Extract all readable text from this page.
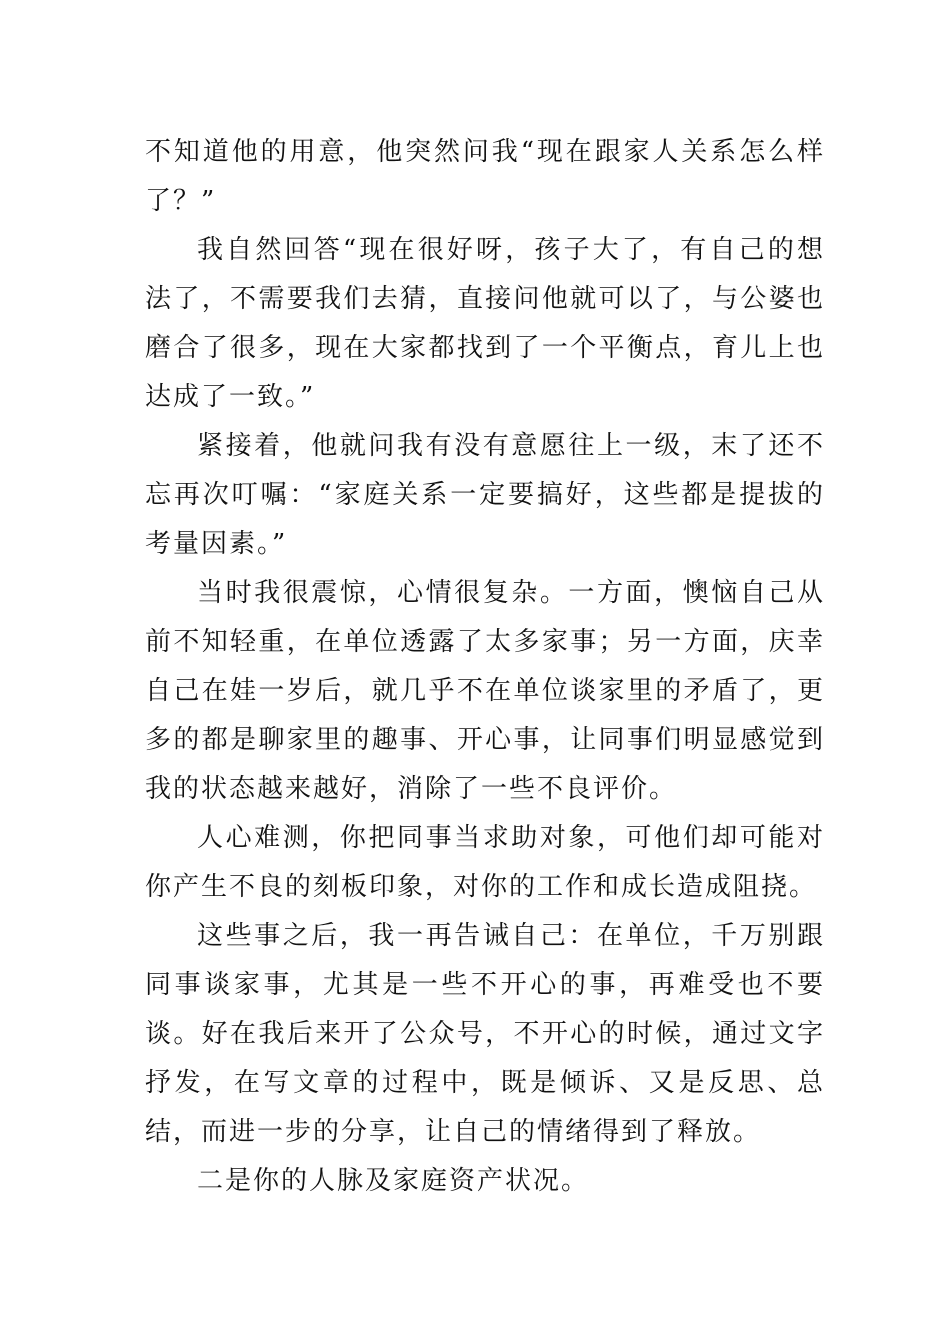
不知道他的用意，他突然问我“现在跟家人关系怎么样了？”

我自然回答“现在很好呀，孩子大了，有自己的想法了，不需要我们去猜，直接问他就可以了，与公婆也磨合了很多，现在大家都找到了一个平衡点，育儿上也达成了一致。”

紧接着，他就问我有没有意愿往上一级，末了还不忘再次叮嘱：“家庭关系一定要搞好，这些都是提拔的考量因素。”

当时我很震惊，心情很复杂。一方面，懊恼自己从前不知轻重，在单位透露了太多家事；另一方面，庆幸自己在娃一岁后，就几乎不在单位谈家里的矛盾了，更多的都是聊家里的趣事、开心事，让同事们明显感觉到我的状态越来越好，消除了一些不良评价。

人心难测，你把同事当求助对象，可他们却可能对你产生不良的刻板印象，对你的工作和成长造成阻挠。

这些事之后，我一再告诫自己：在单位，千万别跟同事谈家事，尤其是一些不开心的事，再难受也不要谈。好在我后来开了公众号，不开心的时候，通过文字抒发，在写文章的过程中，既是倾诉、又是反思、总结，而进一步的分享，让自己的情绪得到了释放。

二是你的人脉及家庭资产状况。
